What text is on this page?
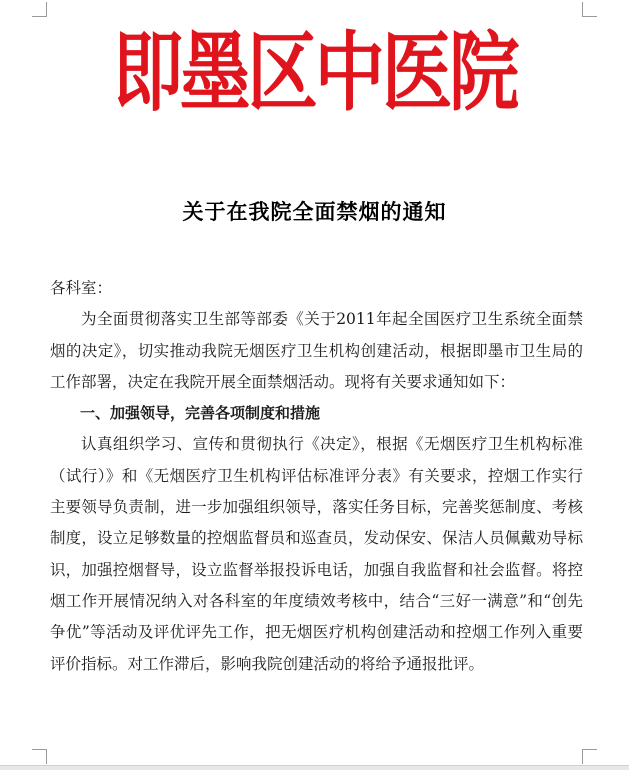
即墨区中医院
关于在我院全面禁烟的通知

各科室：

为全面贯彻落实卫生部等部委《关于2011年起全国医疗卫生系统全面禁烟的决定》，切实推动我院无烟医疗卫生机构创建活动，根据即墨市卫生局的工作部署，决定在我院开展全面禁烟活动。现将有关要求通知如下：

一、加强领导，完善各项制度和措施

认真组织学习、宣传和贯彻执行《决定》，根据《无烟医疗卫生机构标准（试行）》和《无烟医疗卫生机构评估标准评分表》有关要求，控烟工作实行主要领导负责制，进一步加强组织领导，落实任务目标，完善奖惩制度、考核制度，设立足够数量的控烟监督员和巡查员，发动保安、保洁人员佩戴劝导标识，加强控烟督导，设立监督举报投诉电话，加强自我监督和社会监督。将控烟工作开展情况纳入对各科室的年度绩效考核中，结合“三好一满意”和“创先争优”等活动及评优评先工作，把无烟医疗机构创建活动和控烟工作列入重要评价指标。对工作滞后，影响我院创建活动的将给予通报批评。
